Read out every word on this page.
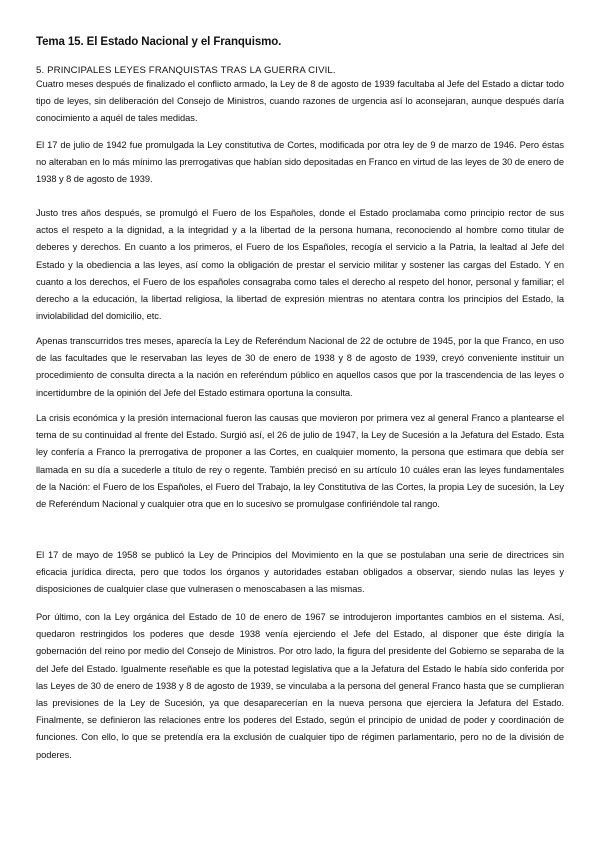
Tema 15. El Estado Nacional y el Franquismo.
5. PRINCIPALES LEYES FRANQUISTAS TRAS LA GUERRA CIVIL.

Cuatro meses después de finalizado el conflicto armado, la Ley de 8 de agosto de 1939 facultaba al Jefe del Estado a dictar todo tipo de leyes, sin deliberación del Consejo de Ministros, cuando razones de urgencia así lo aconsejaran, aunque después daría conocimiento a aquél de tales medidas.

El 17 de julio de 1942 fue promulgada la Ley constitutiva de Cortes, modificada por otra ley de 9 de marzo de 1946. Pero éstas no alteraban en lo más mínimo las prerrogativas que habían sido depositadas en Franco en virtud de las leyes de 30 de enero de 1938 y 8 de agosto de 1939.

Justo tres años después, se promulgó el Fuero de los Españoles, donde el Estado proclamaba como principio rector de sus actos el respeto a la dignidad, a la integridad y a la libertad de la persona humana, reconociendo al hombre como titular de deberes y derechos. En cuanto a los primeros, el Fuero de los Españoles, recogía el servicio a la Patria, la lealtad al Jefe del Estado y la obediencia a las leyes, así como la obligación de prestar el servicio militar y sostener las cargas del Estado. Y en cuanto a los derechos, el Fuero de los españoles consagraba como tales el derecho al respeto del honor, personal y familiar; el derecho a la educación, la libertad religiosa, la libertad de expresión mientras no atentara contra los principios del Estado, la inviolabilidad del domicilio, etc.

Apenas transcurridos tres meses, aparecía la Ley de Referéndum Nacional de 22 de octubre de 1945, por la que Franco, en uso de las facultades que le reservaban las leyes de 30 de enero de 1938 y 8 de agosto de 1939, creyó conveniente instituir un procedimiento de consulta directa a la nación en referéndum público en aquellos casos que por la trascendencia de las leyes o incertidumbre de la opinión del Jefe del Estado estimara oportuna la consulta.

La crisis económica y la presión internacional fueron las causas que movieron por primera vez al general Franco a plantearse el tema de su continuidad al frente del Estado. Surgió así, el 26 de julio de 1947, la Ley de Sucesión a la Jefatura del Estado. Esta ley confería a Franco la prerrogativa de proponer a las Cortes, en cualquier momento, la persona que estimara que debía ser llamada en su día a sucederle a título de rey o regente. También precisó en su artículo 10 cuáles eran las leyes fundamentales de la Nación: el Fuero de los Españoles, el Fuero del Trabajo, la ley Constitutiva de las Cortes, la propia Ley de sucesión, la Ley de Referéndum Nacional y cualquier otra que en lo sucesivo se promulgase confiriéndole tal rango.

El 17 de mayo de 1958 se publicó la Ley de Principios del Movimiento en la que se postulaban una serie de directrices sin eficacia jurídica directa, pero que todos los órganos y autoridades estaban obligados a observar, siendo nulas las leyes y disposiciones de cualquier clase que vulnerasen o menoscabasen a las mismas.

Por último, con la Ley orgánica del Estado de 10 de enero de 1967 se introdujeron importantes cambios en el sistema. Así, quedaron restringidos los poderes que desde 1938 venía ejerciendo el Jefe del Estado, al disponer que éste dirigía la gobernación del reino por medio del Consejo de Ministros. Por otro lado, la figura del presidente del Gobierno se separaba de la del Jefe del Estado. Igualmente reseñable es que la potestad legislativa que a la Jefatura del Estado le había sido conferida por las Leyes de 30 de enero de 1938 y 8 de agosto de 1939, se vinculaba a la persona del general Franco hasta que se cumplieran las previsiones de la Ley de Sucesión, ya que desaparecerían en la nueva persona que ejerciera la Jefatura del Estado. Finalmente, se definieron las relaciones entre los poderes del Estado, según el principio de unidad de poder y coordinación de funciones. Con ello, lo que se pretendía era la exclusión de cualquier tipo de régimen parlamentario, pero no de la división de poderes.
